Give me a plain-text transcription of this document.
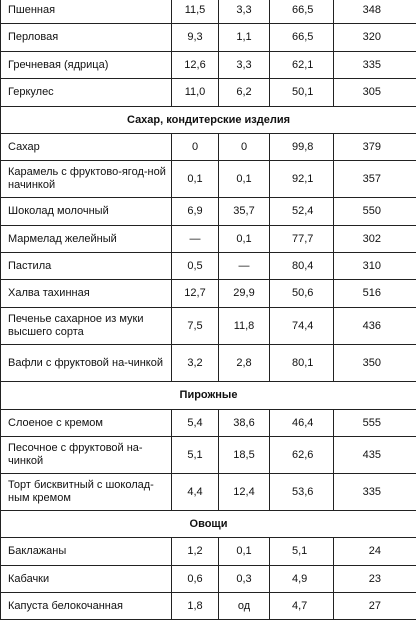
Пшенная	11,5	3,3	66,5	348
Перловая	9,3	1,1	66,5	320
Гречневая (ядрица)	12,6	3,3	62,1	335
Геркулес	11,0	6,2	50,1	305
Сахар, кондитерские изделия				
Сахар	0	0	99,8	379
Карамель с фруктово-ягод-ной начинкой	0,1	0,1	92,1	357
Шоколад молочный	6,9	35,7	52,4	550
Мармелад желейный	—	0,1	77,7	302
Пастила	0,5	—	80,4	310
Халва тахинная	12,7	29,9	50,6	516
Печенье сахарное из муки высшего сорта	7,5	11,8	74,4	436
Вафли с фруктовой на-чинкой	3,2	2,8	80,1	350
Пирожные				
Слоеное с кремом	5,4	38,6	46,4	555
Песочное с фруктовой на-чинкой	5,1	18,5	62,6	435
Торт бисквитный с шоколад-ным кремом	4,4	12,4	53,6	335
Овощи				
Баклажаны	1,2	0,1	5,1	24
Кабачки	0,6	0,3	4,9	23
Капуста белокочанная	1,8	од	4,7	27
